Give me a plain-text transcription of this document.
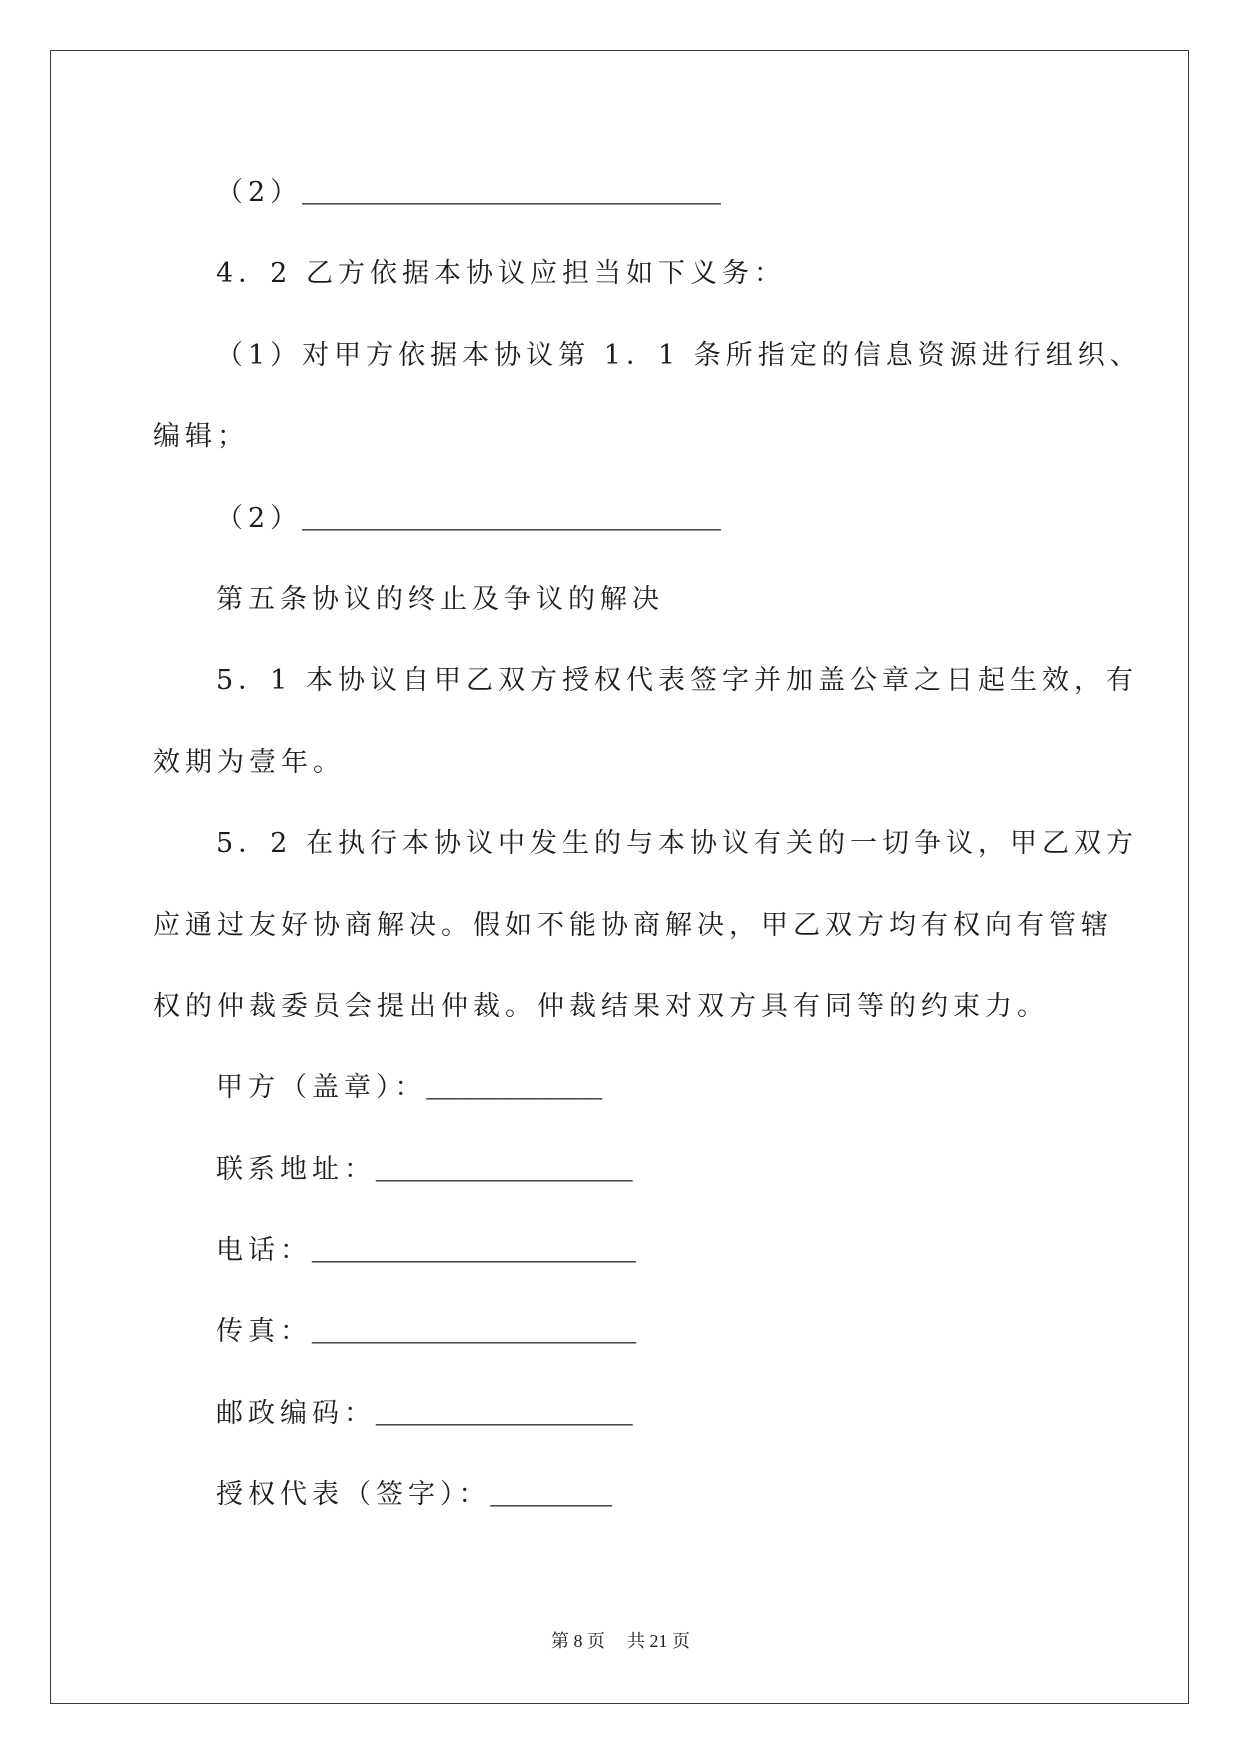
（2）_______________________________
4．2 乙方依据本协议应担当如下义务：
（1）对甲方依据本协议第 1．1 条所指定的信息资源进行组织、
编辑；
（2）_______________________________
第五条协议的终止及争议的解决
5．1 本协议自甲乙双方授权代表签字并加盖公章之日起生效，有
效期为壹年。
5．2 在执行本协议中发生的与本协议有关的一切争议，甲乙双方
应通过友好协商解决。假如不能协商解决，甲乙双方均有权向有管辖
权的仲裁委员会提出仲裁。仲裁结果对双方具有同等的约束力。
甲方（盖章）：_____________
联系地址：___________________
电话：________________________
传真：________________________
邮政编码：___________________
授权代表（签字）：_________
第 8 页 共 21 页
